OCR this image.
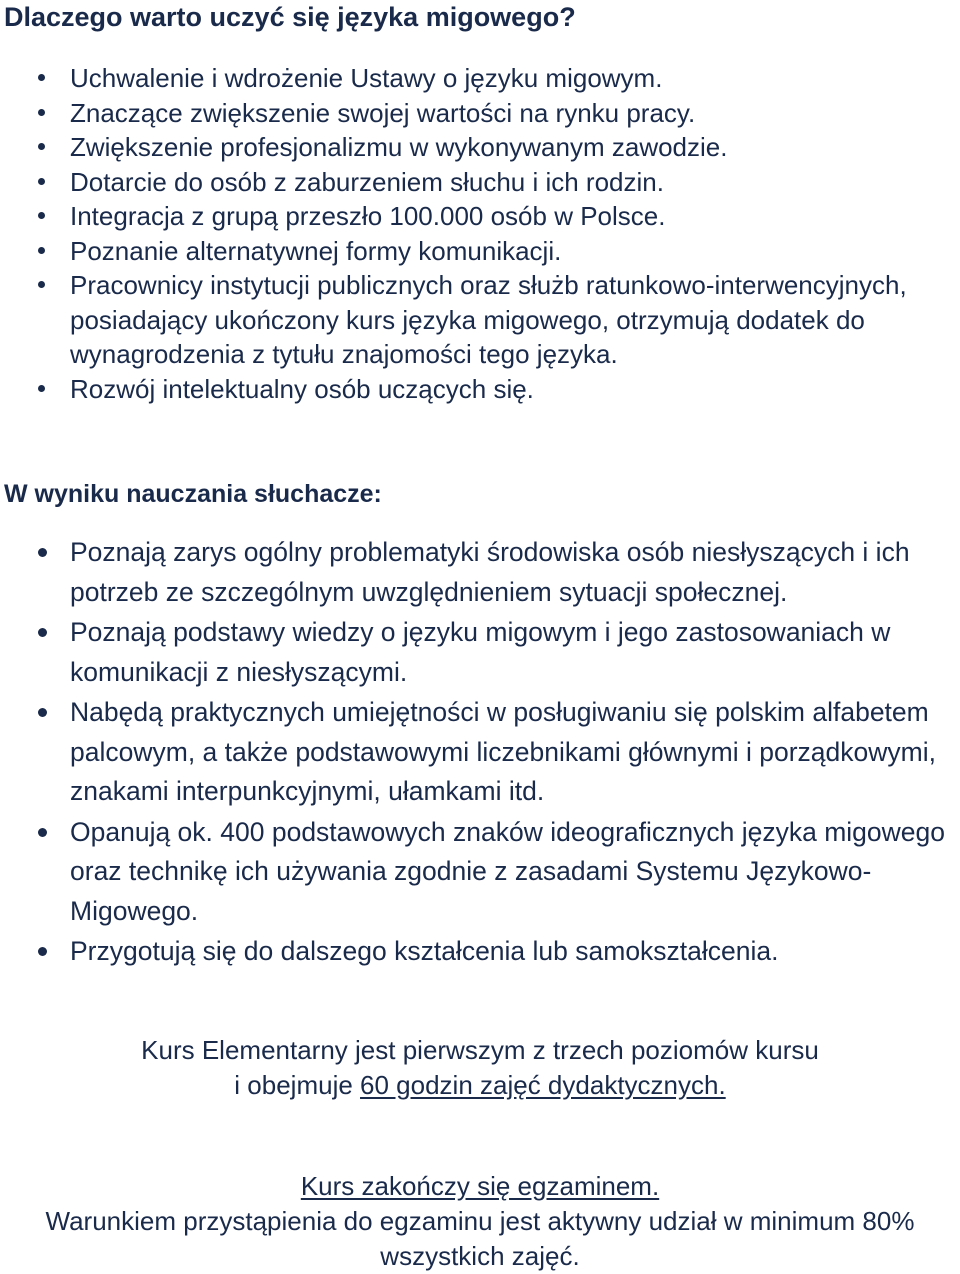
Dlaczego warto uczyć się języka migowego?
Uchwalenie i wdrożenie Ustawy o języku migowym.
Znaczące zwiększenie swojej wartości na rynku pracy.
Zwiększenie profesjonalizmu w wykonywanym zawodzie.
Dotarcie do osób z zaburzeniem słuchu i ich rodzin.
Integracja z grupą przeszło 100.000 osób w Polsce.
Poznanie alternatywnej formy komunikacji.
Pracownicy instytucji publicznych oraz służb ratunkowo-interwencyjnych, posiadający ukończony kurs języka migowego, otrzymują dodatek do wynagrodzenia z tytułu znajomości tego języka.
Rozwój intelektualny osób uczących się.
W wyniku nauczania słuchacze:
Poznają zarys ogólny problematyki środowiska osób niesłyszących i ich potrzeb ze szczególnym uwzględnieniem sytuacji społecznej.
Poznają podstawy wiedzy o języku migowym i jego zastosowaniach w komunikacji z niesłyszącymi.
Nabędą praktycznych umiejętności w posługiwaniu się polskim alfabetem palcowym, a także podstawowymi liczebnikami głównymi i porządkowymi, znakami interpunkcyjnymi, ułamkami itd.
Opanują ok. 400 podstawowych znaków ideograficznych języka migowego oraz technikę ich używania zgodnie z zasadami Systemu Językowo-Migowego.
Przygotują się do dalszego kształcenia lub samokształcenia.

Kurs Elementarny jest pierwszym z trzech poziomów kursu

i obejmuje 60 godzin zajęć dydaktycznych.

Kurs zakończy się egzaminem.

Warunkiem przystąpienia do egzaminu jest aktywny udział w minimum 80% wszystkich zajęć.
